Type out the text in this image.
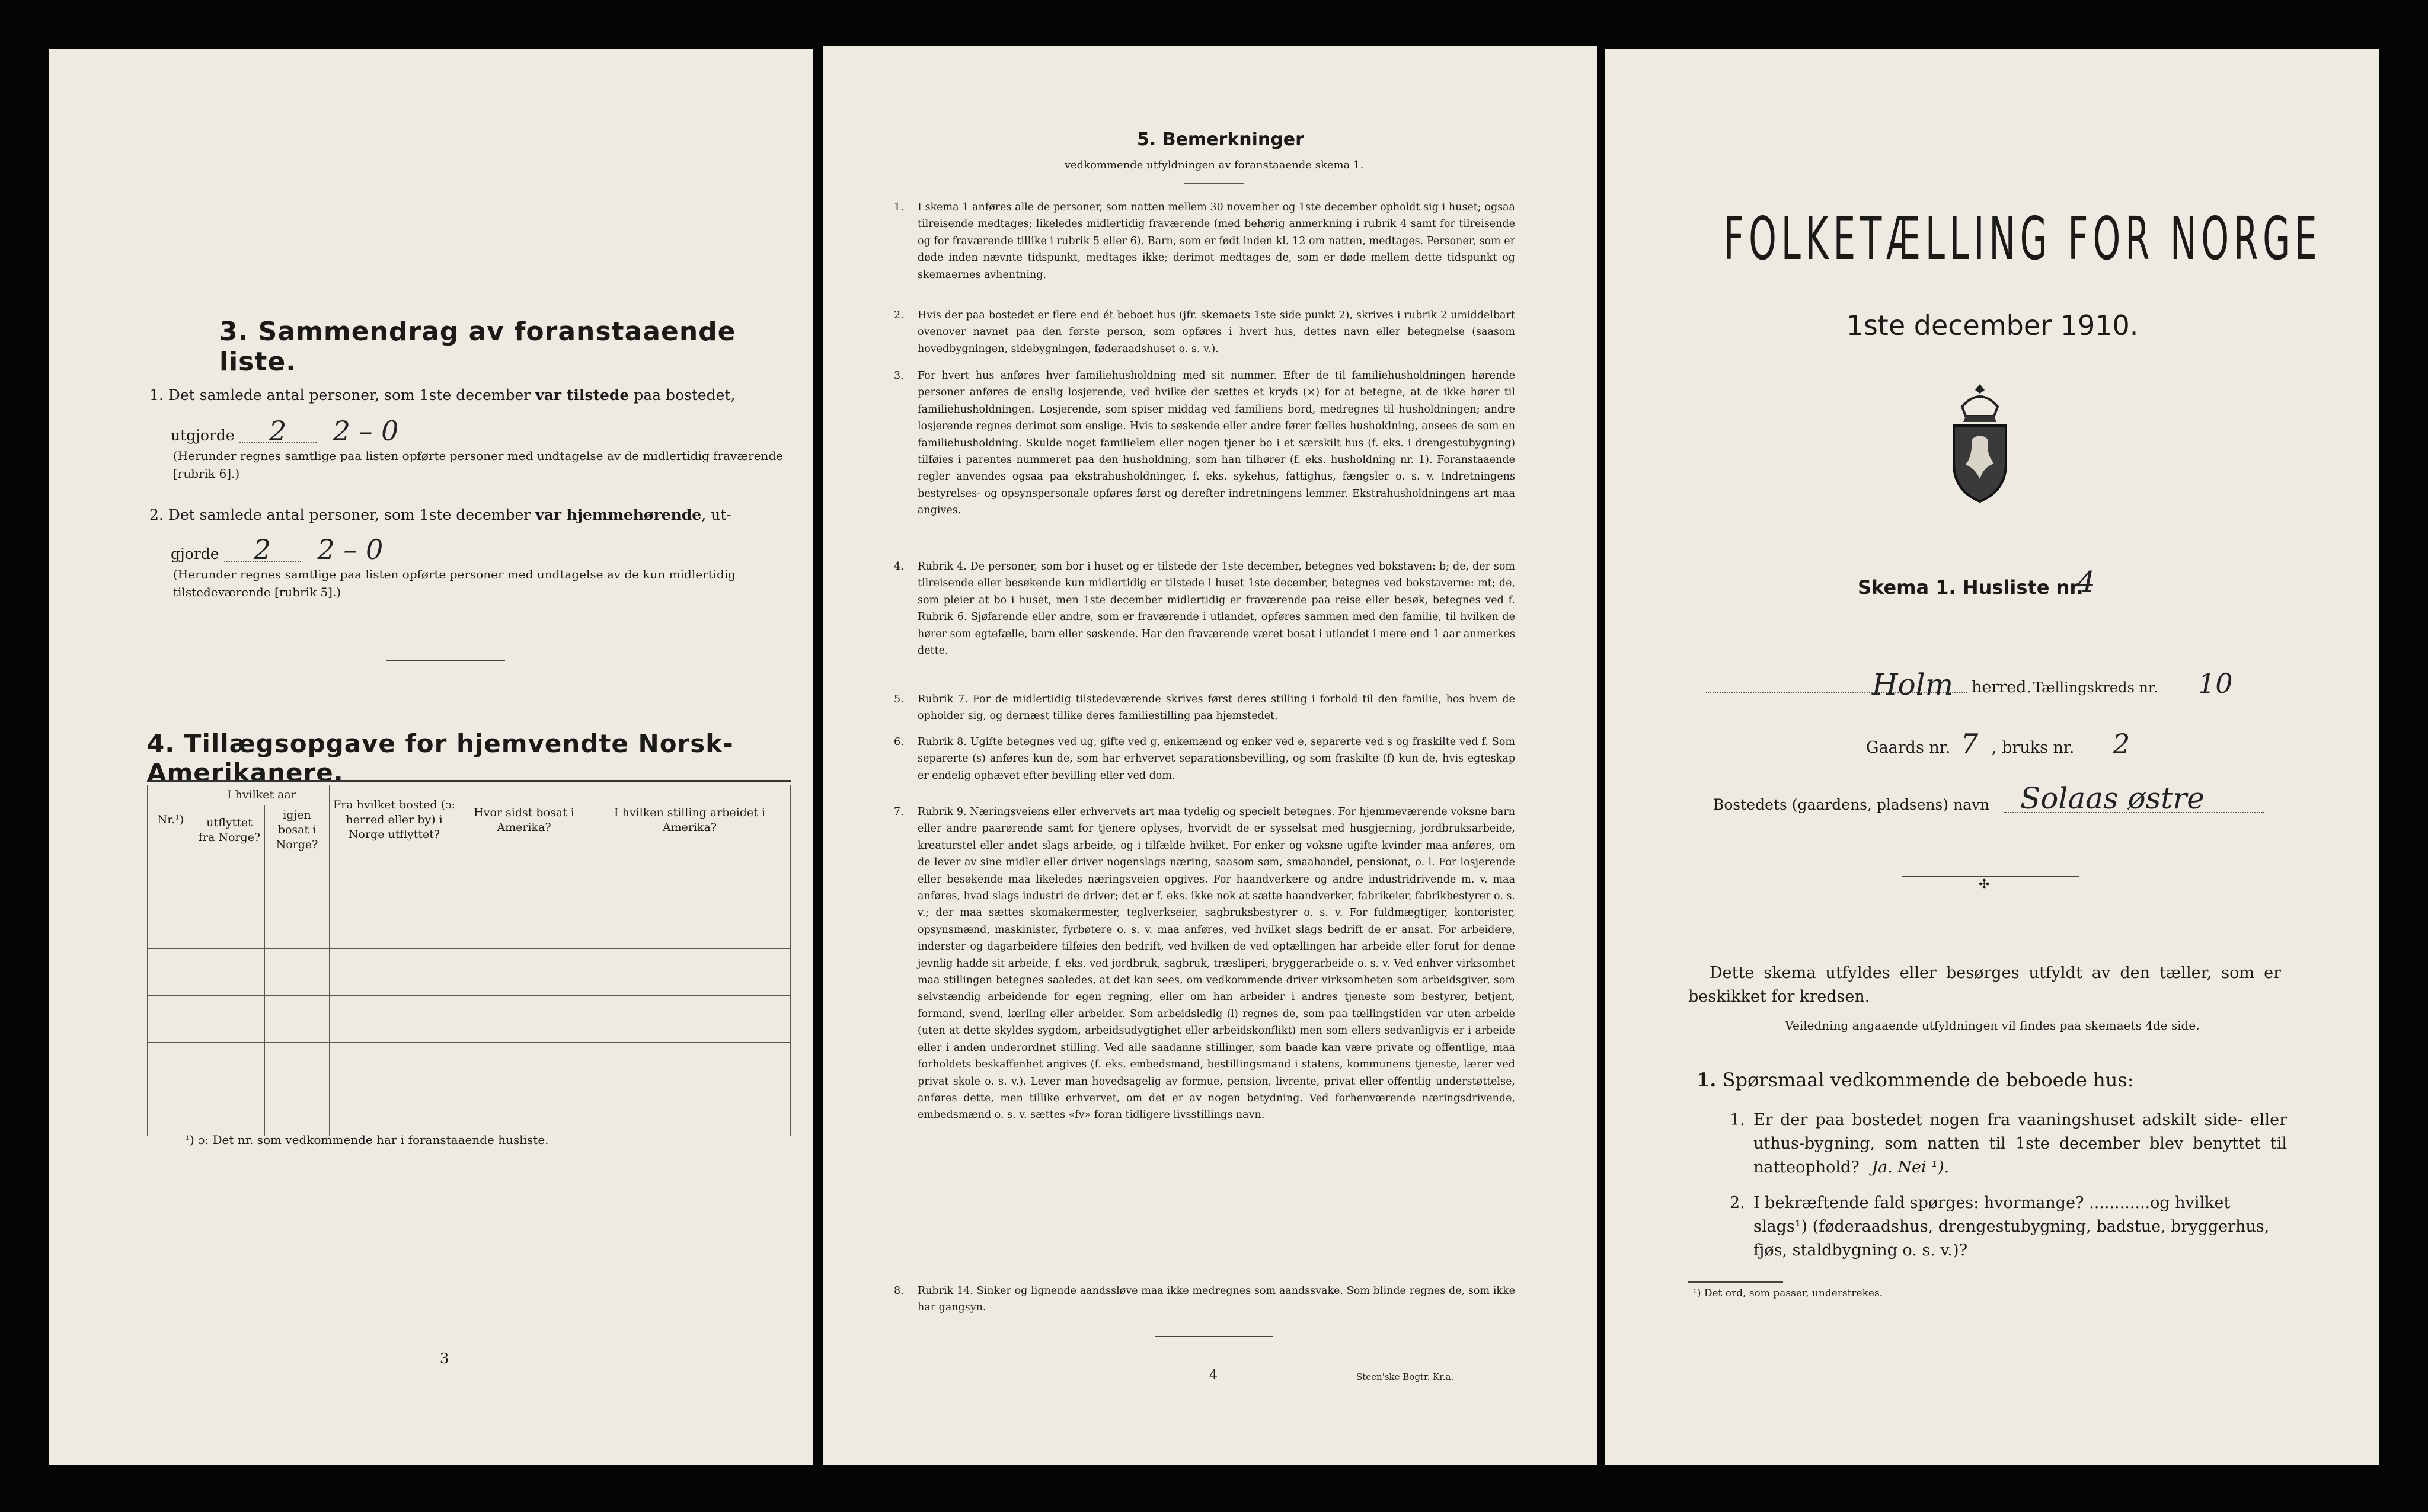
3. Sammendrag av foranstaaende liste.
1. Det samlede antal personer, som 1ste december var tilstede paa bostedet,
utgjorde 2 2 – 0
(Herunder regnes samtlige paa listen opførte personer med undtagelse av de midlertidig fraværende [rubrik 6].)
2. Det samlede antal personer, som 1ste december var hjemmehørende, ut-
gjorde 2 2 – 0
(Herunder regnes samtlige paa listen opførte personer med undtagelse av de kun midlertidig tilstedeværende [rubrik 5].)
4. Tillægsopgave for hjemvendte Norsk-Amerikanere.
Nr.¹)	I hvilket aar		Fra hvilket bosted (ɔ: herred eller by) i Norge utflyttet?	Hvor sidst bosat i Amerika?	I hvilken stilling arbeidet i Amerika?
	utflyttet fra Norge?	igjen bosat i Norge?			

¹) ɔ: Det nr. som vedkommende har i foranstaaende husliste.
3
5. Bemerkninger
vedkommende utfyldningen av foranstaaende skema 1.
1. I skema 1 anføres alle de personer, som natten mellem 30 november og 1ste december opholdt sig i huset; ogsaa tilreisende medtages; likeledes midlertidig fraværende (med behørig anmerkning i rubrik 4 samt for tilreisende og for fraværende tillike i rubrik 5 eller 6). Barn, som er født inden kl. 12 om natten, medtages. Personer, som er døde inden nævnte tidspunkt, medtages ikke; derimot medtages de, som er døde mellem dette tidspunkt og skemaernes avhentning.
2. Hvis der paa bostedet er flere end ét beboet hus (jfr. skemaets 1ste side punkt 2), skrives i rubrik 2 umiddelbart ovenover navnet paa den første person, som opføres i hvert hus, dettes navn eller betegnelse (saasom hovedbygningen, sidebygningen, føderaadshuset o. s. v.).
3. For hvert hus anføres hver familiehusholdning med sit nummer. Efter de til familiehusholdningen hørende personer anføres de enslig losjerende, ved hvilke der sættes et kryds (×) for at betegne, at de ikke hører til familiehusholdningen. Losjerende, som spiser middag ved familiens bord, medregnes til husholdningen; andre losjerende regnes derimot som enslige. Hvis to søskende eller andre fører fælles husholdning, ansees de som en familiehusholdning. Skulde noget familielem eller nogen tjener bo i et særskilt hus (f. eks. i drengestubygning) tilføies i parentes nummeret paa den husholdning, som han tilhører (f. eks. husholdning nr. 1). Foranstaaende regler anvendes ogsaa paa ekstrahusholdninger, f. eks. sykehus, fattighus, fængsler o. s. v. Indretningens bestyrelses- og opsynspersonale opføres først og derefter indretningens lemmer. Ekstrahusholdningens art maa angives.
4. Rubrik 4. De personer, som bor i huset og er tilstede der 1ste december, betegnes ved bokstaven: b; de, der som tilreisende eller besøkende kun midlertidig er tilstede i huset 1ste december, betegnes ved bokstaverne: mt; de, som pleier at bo i huset, men 1ste december midlertidig er fraværende paa reise eller besøk, betegnes ved f. Rubrik 6. Sjøfarende eller andre, som er fraværende i utlandet, opføres sammen med den familie, til hvilken de hører som egtefælle, barn eller søskende. Har den fraværende været bosat i utlandet i mere end 1 aar anmerkes dette.
5. Rubrik 7. For de midlertidig tilstedeværende skrives først deres stilling i forhold til den familie, hos hvem de opholder sig, og dernæst tillike deres familiestilling paa hjemstedet.
6. Rubrik 8. Ugifte betegnes ved ug, gifte ved g, enkemænd og enker ved e, separerte ved s og fraskilte ved f. Som separerte (s) anføres kun de, som har erhvervet separationsbevilling, og som fraskilte (f) kun de, hvis egteskap er endelig ophævet efter bevilling eller ved dom.
7. Rubrik 9. Næringsveiens eller erhvervets art maa tydelig og specielt betegnes. For hjemmeværende voksne barn eller andre paarørende samt for tjenere oplyses, hvorvidt de er sysselsat med husgjerning, jordbruksarbeide, kreaturstel eller andet slags arbeide, og i tilfælde hvilket. For enker og voksne ugifte kvinder maa anføres, om de lever av sine midler eller driver nogenslags næring, saasom søm, smaahandel, pensionat, o. l. For losjerende eller besøkende maa likeledes næringsveien opgives. For haandverkere og andre industridrivende m. v. maa anføres, hvad slags industri de driver; det er f. eks. ikke nok at sætte haandverker, fabrikeier, fabrikbestyrer o. s. v.; der maa sættes skomakermester, teglverkseier, sagbruksbestyrer o. s. v. For fuldmægtiger, kontorister, opsynsmænd, maskinister, fyrbøtere o. s. v. maa anføres, ved hvilket slags bedrift de er ansat. For arbeidere, inderster og dagarbeidere tilføies den bedrift, ved hvilken de ved optællingen har arbeide eller forut for denne jevnlig hadde sit arbeide, f. eks. ved jordbruk, sagbruk, træsliperi, bryggerarbeide o. s. v. Ved enhver virksomhet maa stillingen betegnes saaledes, at det kan sees, om vedkommende driver virksomheten som arbeidsgiver, som selvstændig arbeidende for egen regning, eller om han arbeider i andres tjeneste som bestyrer, betjent, formand, svend, lærling eller arbeider. Som arbeidsledig (l) regnes de, som paa tællingstiden var uten arbeide (uten at dette skyldes sygdom, arbeidsudygtighet eller arbeidskonflikt) men som ellers sedvanligvis er i arbeide eller i anden underordnet stilling. Ved alle saadanne stillinger, som baade kan være private og offentlige, maa forholdets beskaffenhet angives (f. eks. embedsmand, bestillingsmand i statens, kommunens tjeneste, lærer ved privat skole o. s. v.). Lever man hovedsagelig av formue, pension, livrente, privat eller offentlig understøttelse, anføres dette, men tillike erhvervet, om det er av nogen betydning. Ved forhenværende næringsdrivende, embedsmænd o. s. v. sættes «fv» foran tidligere livsstillings navn.
8. Rubrik 14. Sinker og lignende aandssløve maa ikke medregnes som aandssvake. Som blinde regnes de, som ikke har gangsyn.
4	Steen'ske Bogtr. Kr.a.
FOLKETÆLLING FOR NORGE
1ste december 1910.
Skema 1. Husliste nr.
4
Holm herred. Tællingskreds nr. 10
Gaards nr. 7 , bruks nr. 2
Bostedets (gaardens, pladsens) navn Solaas østre
✣
Dette skema utfyldes eller besørges utfyldt av den tæller, som er beskikket for kredsen.
Veiledning angaaende utfyldningen vil findes paa skemaets 4de side.
1. Spørsmaal vedkommende de beboede hus:
1. Er der paa bostedet nogen fra vaaningshuset adskilt side- eller uthus-bygning, som natten til 1ste december blev benyttet til natteophold? Ja. Nei ¹).
2. I bekræftende fald spørges: hvormange? ............og hvilket slags¹) (føderaadshus, drengestubygning, badstue, bryggerhus, fjøs, staldbygning o. s. v.)?
¹) Det ord, som passer, understrekes.
